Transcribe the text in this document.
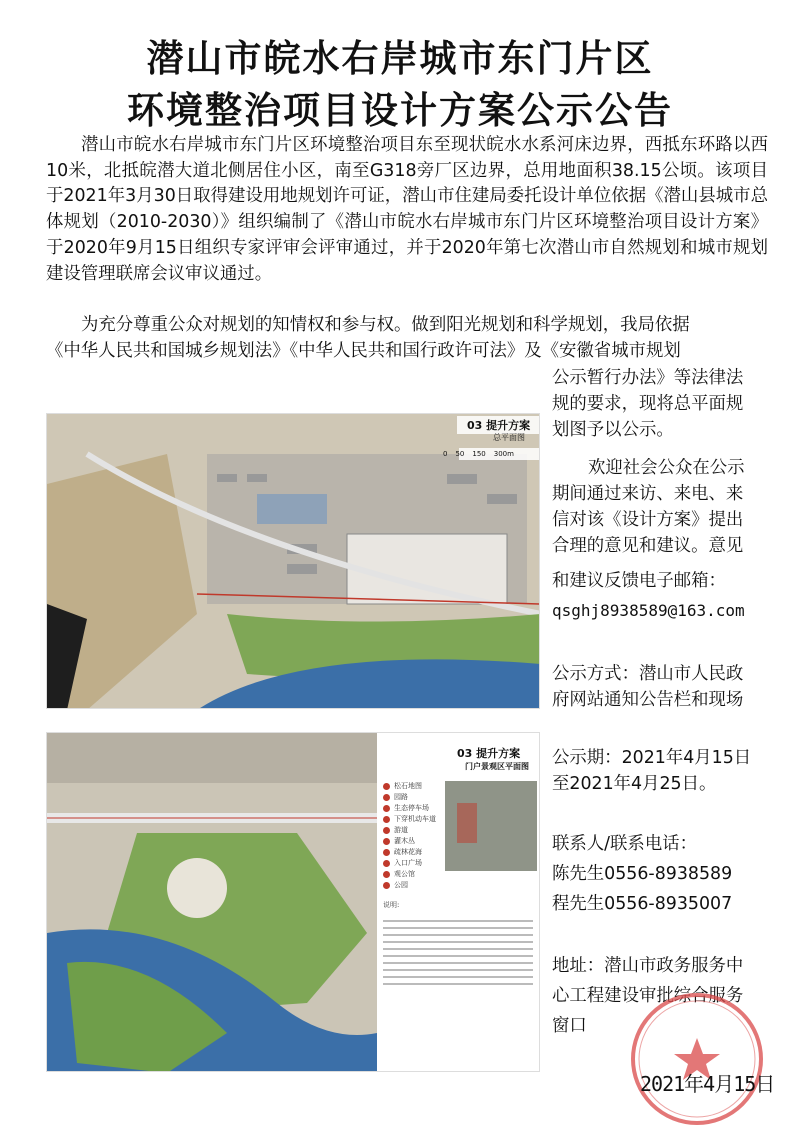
潜山市皖水右岸城市东门片区
环境整治项目设计方案公示公告
潜山市皖水右岸城市东门片区环境整治项目东至现状皖水水系河床边界，西抵东环路以西10米，北抵皖潜大道北侧居住小区，南至G318旁厂区边界，总用地面积38.15公顷。该项目于2021年3月30日取得建设用地规划许可证，潜山市住建局委托设计单位依据《潜山县城市总体规划（2010-2030）》组织编制了《潜山市皖水右岸城市东门片区环境整治项目设计方案》于2020年9月15日组织专家评审会评审通过，并于2020年第七次潜山市自然规划和城市规划建设管理联席会议审议通过。
为充分尊重公众对规划的知情权和参与权。做到阳光规划和科学规划，我局依据
《中华人民共和国城乡规划法》《中华人民共和国行政许可法》及《安徽省城市规划
公示暂行办法》等法律法
规的要求，现将总平面规
划图予以公示。
欢迎社会公众在公示
期间通过来访、来电、来
信对该《设计方案》提出
合理的意见和建议。意见
和建议反馈电子邮箱：
qsghj8938589@163.com
公示方式：潜山市人民政
府网站通知公告栏和现场
公示期：2021年4月15日
至2021年4月25日。
联系人/联系电话：
陈先生0556-8938589
程先生0556-8935007
地址：潜山市政务服务中
心工程建设审批综合服务
窗口
03 提升方案
总平面图
0 50 150 300m
03 提升方案
门户景观区平面图
松石地图
园路
生态停车场
下穿机动车道
游道
灌木丛
疏林花海
入口广场
观公馆
公园
说明:
2021年4月15日
